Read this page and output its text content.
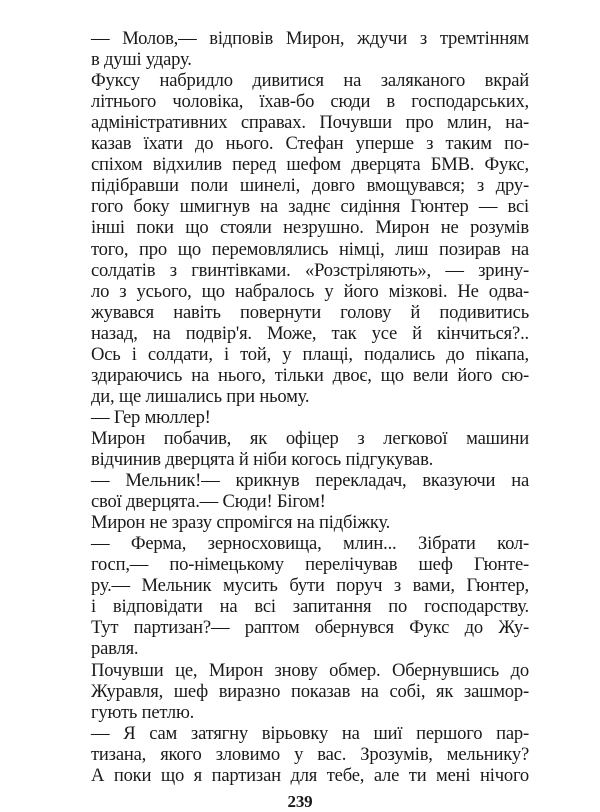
— Молов,— відповів Мирон, ждучи з тремтінням
в душі удару.
Фуксу набридло дивитися на заляканого вкрай
літнього чоловіка, їхав-бо сюди в господарських,
адміністративних справах. Почувши про млин, на-
казав їхати до нього. Стефан уперше з таким по-
спіхом відхилив перед шефом дверцята БМВ. Фукс,
підібравши поли шинелі, довго вмощувався; з дру-
гого боку шмигнув на заднє сидіння Гюнтер — всі
інші поки що стояли незрушно. Мирон не розумів
того, про що перемовлялись німці, лиш позирав на
солдатів з гвинтівками. «Розстріляють», — зрину-
ло з усього, що набралось у його мізкові. Не одва-
жувався навіть повернути голову й подивитись
назад, на подвір'я. Може, так усе й кінчиться?..
Ось і солдати, і той, у плащі, подались до пікапа,
здираючись на нього, тільки двоє, що вели його сю-
ди, ще лишались при ньому.
— Гер мюллер!
Мирон побачив, як офіцер з легкової машини
відчинив дверцята й ніби когось підгукував.
— Мельник!— крикнув перекладач, вказуючи на
свої дверцята.— Сюди! Бігом!
Мирон не зразу спромігся на підбіжку.
— Ферма, зерносховища, млин... Зібрати кол-
госп,— по-німецькому перелічував шеф Гюнте-
ру.— Мельник мусить бути поруч з вами, Гюнтер,
і відповідати на всі запитання по господарству.
Тут партизан?— раптом обернувся Фукс до Жу-
равля.
Почувши це, Мирон знову обмер. Обернувшись до
Журавля, шеф виразно показав на собі, як зашмор-
гують петлю.
— Я сам затягну вірьовку на шиї першого пар-
тизана, якого зловимо у вас. Зрозумів, мельнику?
А поки що я партизан для тебе, але ти мені нічого
239
